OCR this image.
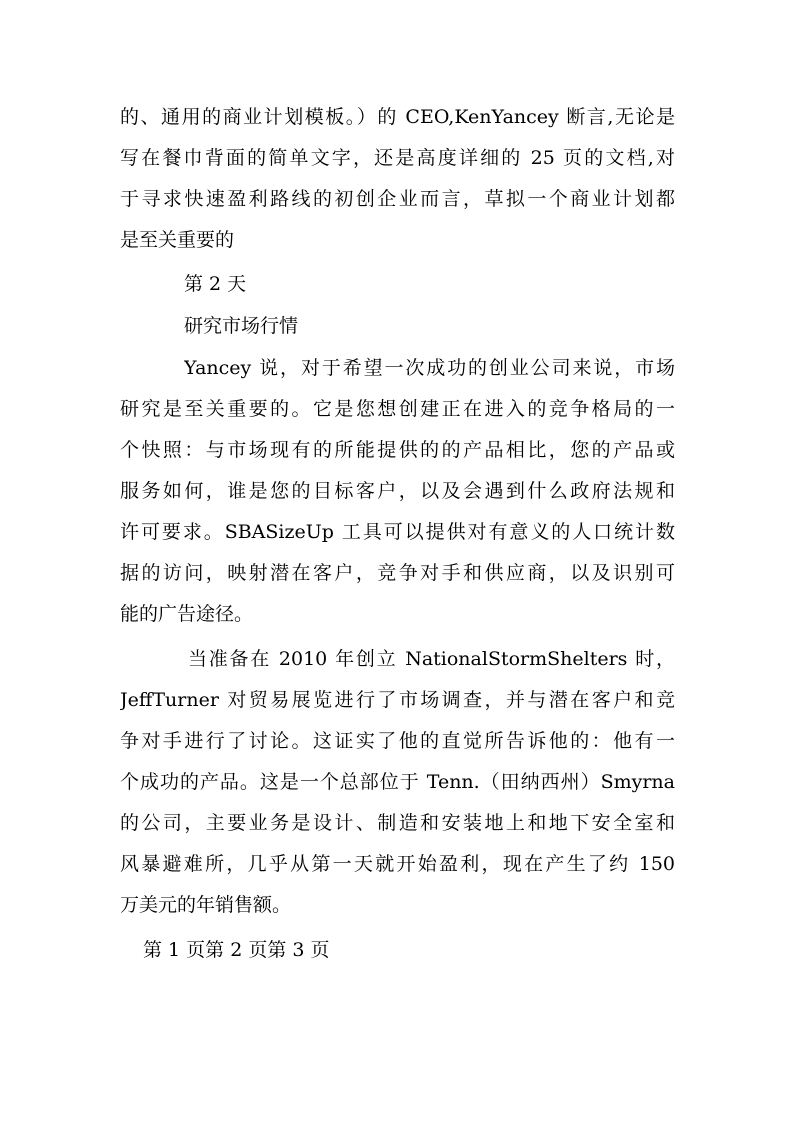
的、通用的商业计划模板。）的 CEO,KenYancey 断言,无论是
写在餐巾背面的简单文字，还是高度详细的 25 页的文档,对
于寻求快速盈利路线的初创企业而言，草拟一个商业计划都
是至关重要的
第 2 天
研究市场行情
Yancey 说，对于希望一次成功的创业公司来说，市场
研究是至关重要的。它是您想创建正在进入的竞争格局的一
个快照：与市场现有的所能提供的的产品相比，您的产品或
服务如何，谁是您的目标客户，以及会遇到什么政府法规和
许可要求。SBASizeUp 工具可以提供对有意义的人口统计数
据的访问，映射潜在客户，竞争对手和供应商，以及识别可
能的广告途径。
当准备在 2010 年创立 NationalStormShelters 时，
JeffTurner 对贸易展览进行了市场调查，并与潜在客户和竞
争对手进行了讨论。这证实了他的直觉所告诉他的：他有一
个成功的产品。这是一个总部位于 Tenn.（田纳西州）Smyrna
的公司，主要业务是设计、制造和安装地上和地下安全室和
风暴避难所，几乎从第一天就开始盈利，现在产生了约 150
万美元的年销售额。
第 1 页第 2 页第 3 页
